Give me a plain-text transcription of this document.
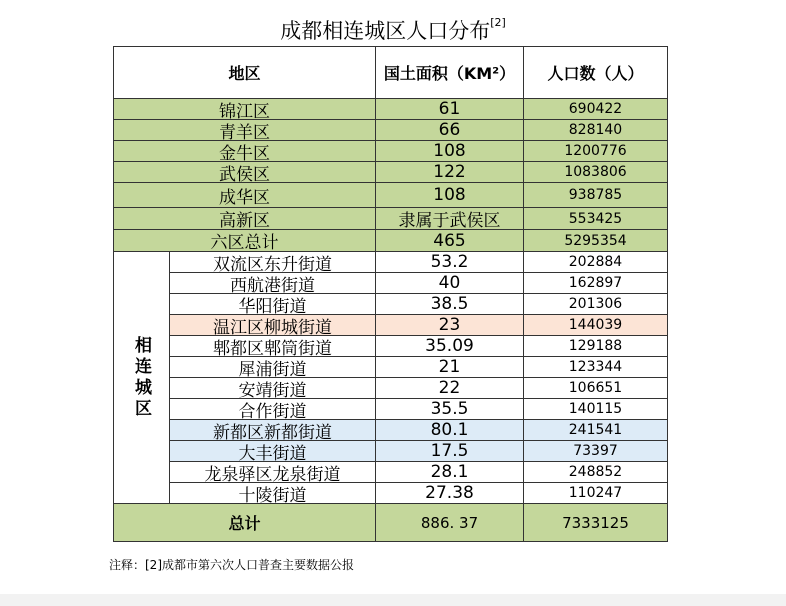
成都相连城区人口分布[2]
地区	国土面积（KM²）	人口数（人）
锦江区	61	690422
青羊区	66	828140
金牛区	108	1200776
武侯区	122	1083806
成华区	108	938785
高新区	隶属于武侯区	553425
六区总计	465	5295354
相连城区
双流区东升街道	53.2	202884
西航港街道	40	162897
华阳街道	38.5	201306
温江区柳城街道	23	144039
郫都区郫筒街道	35.09	129188
犀浦街道	21	123344
安靖街道	22	106651
合作街道	35.5	140115
新都区新都街道	80.1	241541
大丰街道	17.5	73397
龙泉驿区龙泉街道	28.1	248852
十陵街道	27.38	110247
总计	886. 37	7333125
注释：[2]成都市第六次人口普查主要数据公报
